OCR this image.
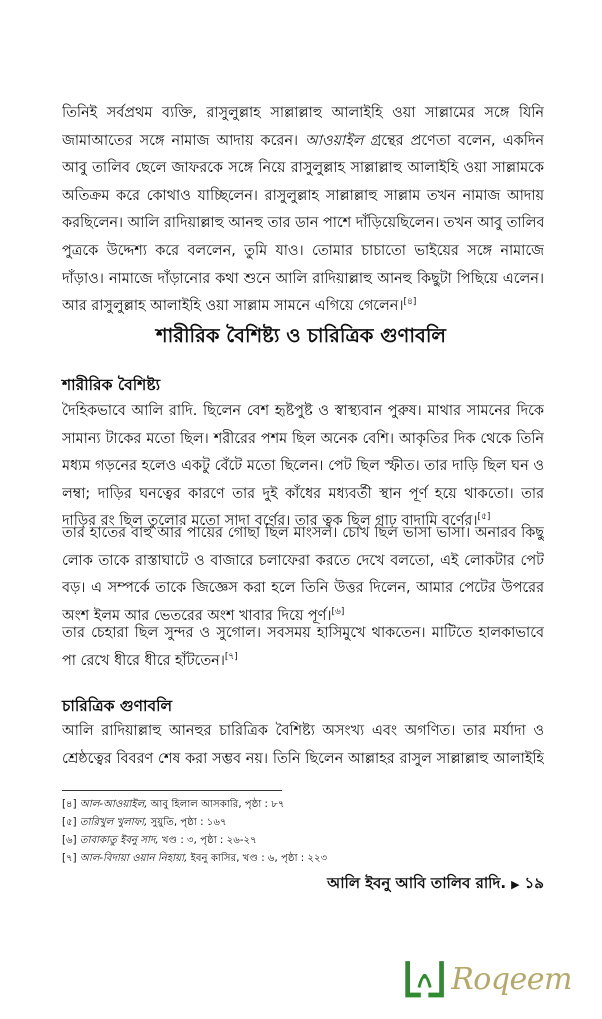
তিনিই সর্বপ্রথম ব্যক্তি, রাসুলুল্লাহ সাল্লাল্লাহু আলাইহি ওয়া সাল্লামের সঙ্গে যিনি
জামাআতের সঙ্গে নামাজ আদায় করেন। আওয়াইল গ্রন্থের প্রণেতা বলেন, একদিন
আবু তালিব ছেলে জাফরকে সঙ্গে নিয়ে রাসুলুল্লাহ সাল্লাল্লাহু আলাইহি ওয়া সাল্লামকে
অতিক্রম করে কোথাও যাচ্ছিলেন। রাসুলুল্লাহ সাল্লাল্লাহু সাল্লাম তখন নামাজ আদায়
করছিলেন। আলি রাদিয়াল্লাহু আনহু তার ডান পাশে দাঁড়িয়েছিলেন। তখন আবু তালিব
পুত্রকে উদ্দেশ্য করে বললেন, তুমি যাও। তোমার চাচাতো ভাইয়ের সঙ্গে নামাজে
দাঁড়াও। নামাজে দাঁড়ানোর কথা শুনে আলি রাদিয়াল্লাহু আনহু কিছুটা পিছিয়ে এলেন।
আর রাসুলুল্লাহ আলাইহি ওয়া সাল্লাম সামনে এগিয়ে গেলেন।[৪]
শারীরিক বৈশিষ্ট্য ও চারিত্রিক গুণাবলি
শারীরিক বৈশিষ্ট্য
দৈহিকভাবে আলি রাদি. ছিলেন বেশ হৃষ্টপুষ্ট ও স্বাস্থ্যবান পুরুষ। মাথার সামনের দিকে
সামান্য টাকের মতো ছিল। শরীরের পশম ছিল অনেক বেশি। আকৃতির দিক থেকে তিনি
মধ্যম গড়নের হলেও একটু বেঁটে মতো ছিলেন। পেট ছিল স্ফীত। তার দাড়ি ছিল ঘন ও
লম্বা; দাড়ির ঘনত্বের কারণে তার দুই কাঁধের মধ্যবর্তী স্থান পূর্ণ হয়ে থাকতো। তার
দাড়ির রং ছিল তুলোর মতো সাদা বর্ণের। তার ত্বক ছিল গাঢ় বাদামি বর্ণের।[৫]
তার হাতের বাহু আর পায়ের গোছা ছিল মাংসল। চোখ ছিল ভাসা ভাসা। অনারব কিছু
লোক তাকে রাস্তাঘাটে ও বাজারে চলাফেরা করতে দেখে বলতো, এই লোকটার পেট
বড়। এ সম্পর্কে তাকে জিজ্ঞেস করা হলে তিনি উত্তর দিলেন, আমার পেটের উপরের
অংশ ইলম আর ভেতরের অংশ খাবার দিয়ে পূর্ণ।[৬]
তার চেহারা ছিল সুন্দর ও সুগোল। সবসময় হাসিমুখে থাকতেন। মাটিতে হালকাভাবে
পা রেখে ধীরে ধীরে হাঁটতেন।[৭]
চারিত্রিক গুণাবলি
আলি রাদিয়াল্লাহু আনহুর চারিত্রিক বৈশিষ্ট্য অসংখ্য এবং অগণিত। তার মর্যাদা ও
শ্রেষ্ঠত্বের বিবরণ শেষ করা সম্ভব নয়। তিনি ছিলেন আল্লাহর রাসুল সাল্লাল্লাহু আলাইহি
[৪] আল-আওয়াইল, আবু হিলাল আসকারি, পৃষ্ঠা : ৮৭
[৫] তারিখুল খুলাফা, সুয়ুতি, পৃষ্ঠা : ১৬৭
[৬] তাবাকাতু ইবনু সাদ, খণ্ড : ৩, পৃষ্ঠা : ২৬-২৭
[৭] আল-বিদায়া ওয়ান নিহায়া, ইবনু কাসির, খণ্ড : ৬, পৃষ্ঠা : ২২৩
আলি ইবনু আবি তালিব রাদি. ▶ ১৯
Roqeem
